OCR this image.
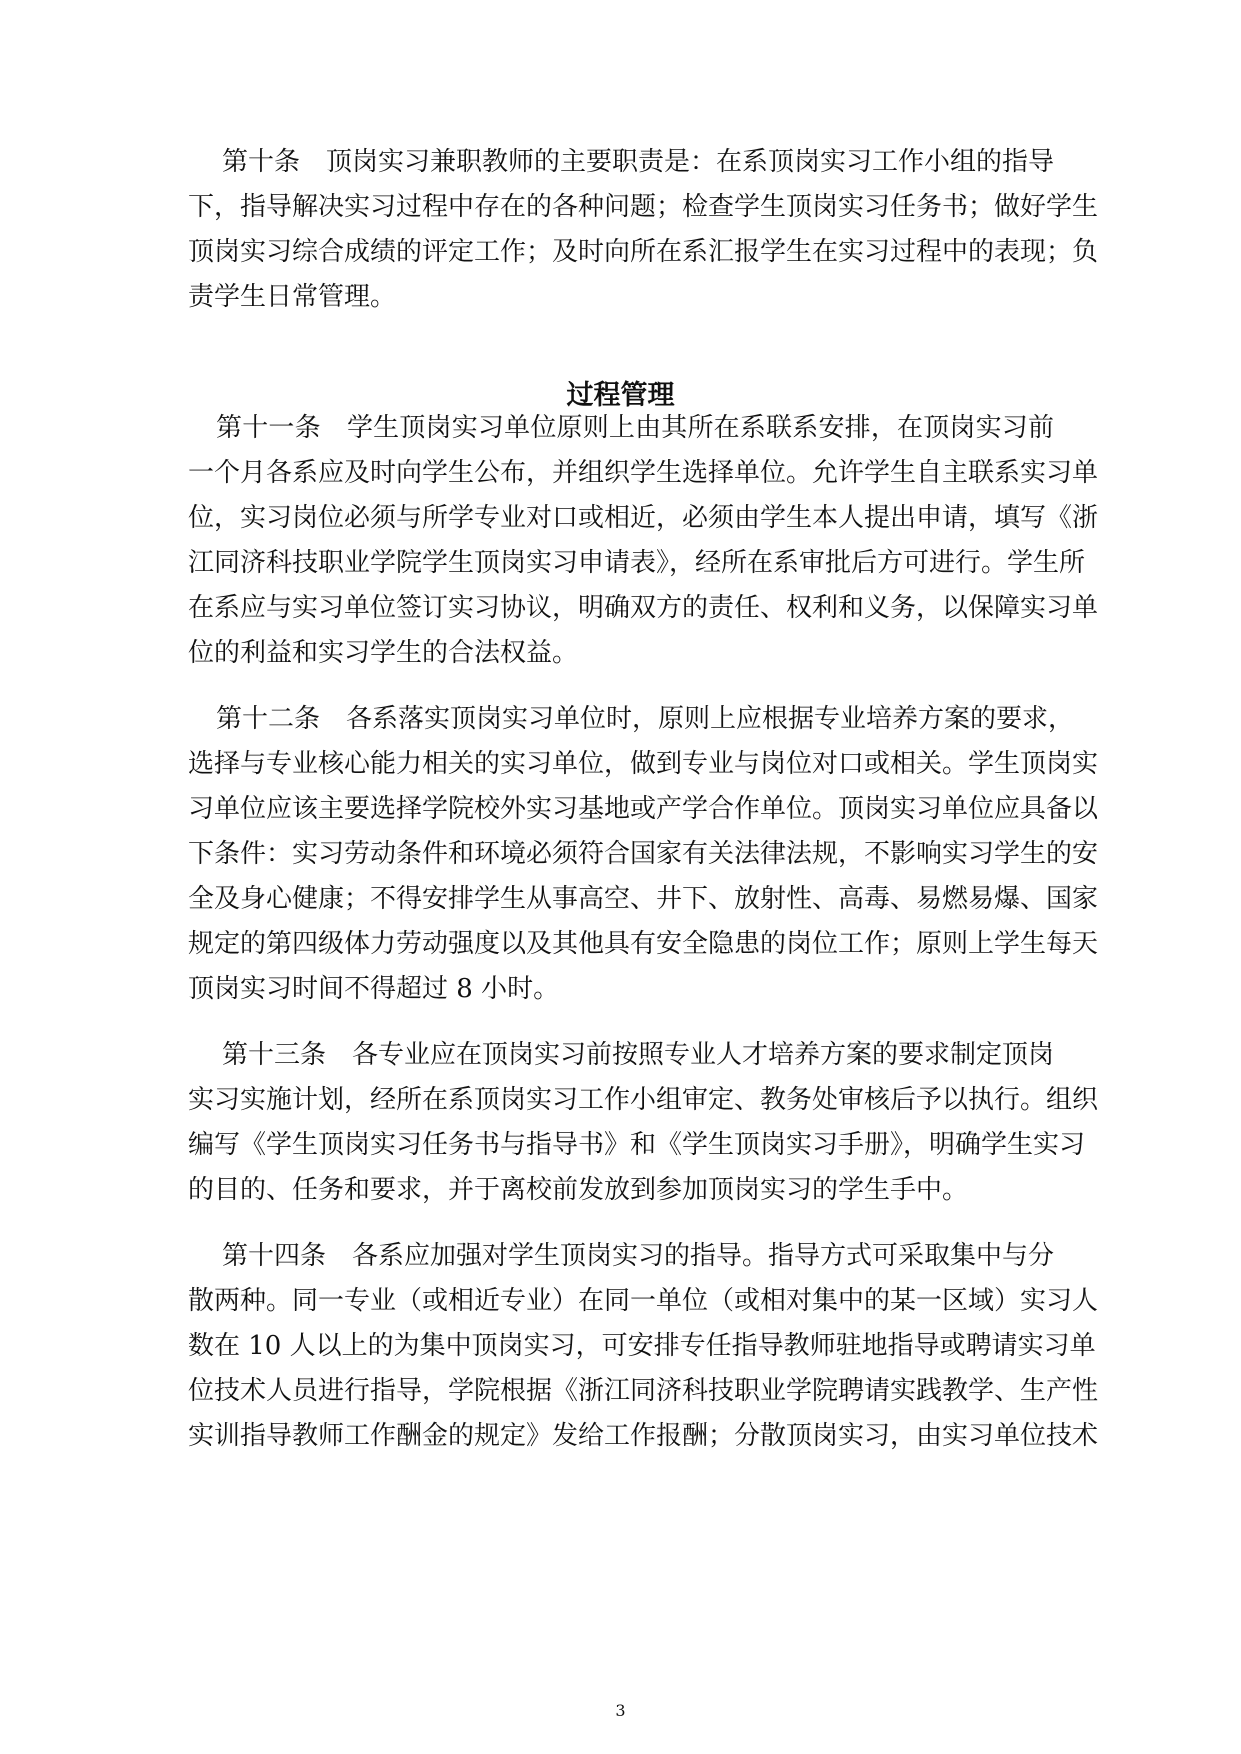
第十条　顶岗实习兼职教师的主要职责是：在系顶岗实习工作小组的指导
下，指导解决实习过程中存在的各种问题；检查学生顶岗实习任务书；做好学生
顶岗实习综合成绩的评定工作；及时向所在系汇报学生在实习过程中的表现；负
责学生日常管理。
过程管理
第十一条　学生顶岗实习单位原则上由其所在系联系安排，在顶岗实习前
一个月各系应及时向学生公布，并组织学生选择单位。允许学生自主联系实习单
位，实习岗位必须与所学专业对口或相近，必须由学生本人提出申请，填写《浙
江同济科技职业学院学生顶岗实习申请表》，经所在系审批后方可进行。学生所
在系应与实习单位签订实习协议，明确双方的责任、权利和义务，以保障实习单
位的利益和实习学生的合法权益。
第十二条　各系落实顶岗实习单位时，原则上应根据专业培养方案的要求，
选择与专业核心能力相关的实习单位，做到专业与岗位对口或相关。学生顶岗实
习单位应该主要选择学院校外实习基地或产学合作单位。顶岗实习单位应具备以
下条件：实习劳动条件和环境必须符合国家有关法律法规，不影响实习学生的安
全及身心健康；不得安排学生从事高空、井下、放射性、高毒、易燃易爆、国家
规定的第四级体力劳动强度以及其他具有安全隐患的岗位工作；原则上学生每天
顶岗实习时间不得超过 8 小时。
第十三条　各专业应在顶岗实习前按照专业人才培养方案的要求制定顶岗
实习实施计划，经所在系顶岗实习工作小组审定、教务处审核后予以执行。组织
编写《学生顶岗实习任务书与指导书》和《学生顶岗实习手册》，明确学生实习
的目的、任务和要求，并于离校前发放到参加顶岗实习的学生手中。
第十四条　各系应加强对学生顶岗实习的指导。指导方式可采取集中与分
散两种。同一专业（或相近专业）在同一单位（或相对集中的某一区域）实习人
数在 10 人以上的为集中顶岗实习，可安排专任指导教师驻地指导或聘请实习单
位技术人员进行指导，学院根据《浙江同济科技职业学院聘请实践教学、生产性
实训指导教师工作酬金的规定》发给工作报酬；分散顶岗实习，由实习单位技术
3
